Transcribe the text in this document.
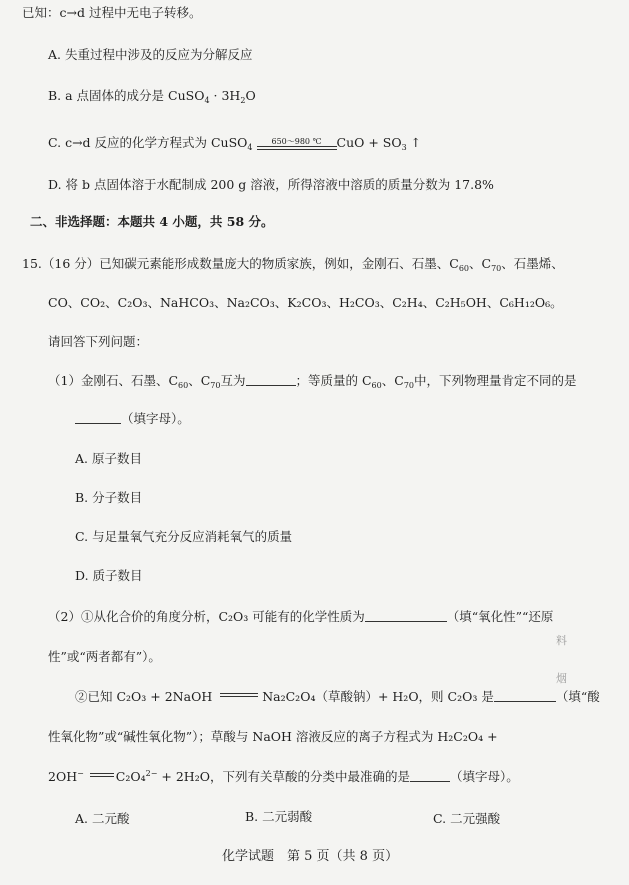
已知：c→d 过程中无电子转移。
A. 失重过程中涉及的反应为分解反应
B. a 点固体的成分是 CuSO$_4$ · $3H_2O$
C. c→d 反应的化学方程式为 CuSO$_4$
650～980 ℃	CuO + $SO_3$ ↑
D. 将 b 点固体溶于水配制成 200 g 溶液，所得溶液中溶质的质量分数为 17.8%
二、非选择题：本题共 4 小题，共 58 分。
15.（16 分）已知碳元素能形成数量庞大的物质家族，例如，金刚石、石墨、$C_{60}$、$C_{70}$、石墨烯、
CO、CO₂、C₂O₃、NaHCO₃、Na₂CO₃、K₂CO₃、H₂CO₃、C₂H₄、C₂H₅OH、C₆H₁₂O₆。
请回答下列问题：
（1）金刚石、石墨、$C_{60}$、$C_{70}$互为	；等质量的 $C_{60}$、$C_{70}$中，下列物理量肯定不同的是
（填字母）。
A. 原子数目
B. 分子数目
C. 与足量氧气充分反应消耗氧气的质量
D. 质子数目
（2）①从化合价的角度分析，C₂O₃ 可能有的化学性质为	（填“氧化性”“还原
性”或“两者都有”）。
②已知 C₂O₃ + 2NaOH	Na₂C₂O₄（草酸钠）+ H₂O，则 C₂O₃ 是	（填“酸
性氧化物”或“碱性氧化物”）；草酸与 NaOH 溶液反应的离子方程式为 H₂C₂O₄ +
2OH−	C₂O₄$^{2-}$ + 2H₂O，下列有关草酸的分类中最准确的是	（填字母）。
A. 二元酸	B. 二元弱酸	C. 二元强酸
化学试题　第 5 页（共 8 页）
料
烟
